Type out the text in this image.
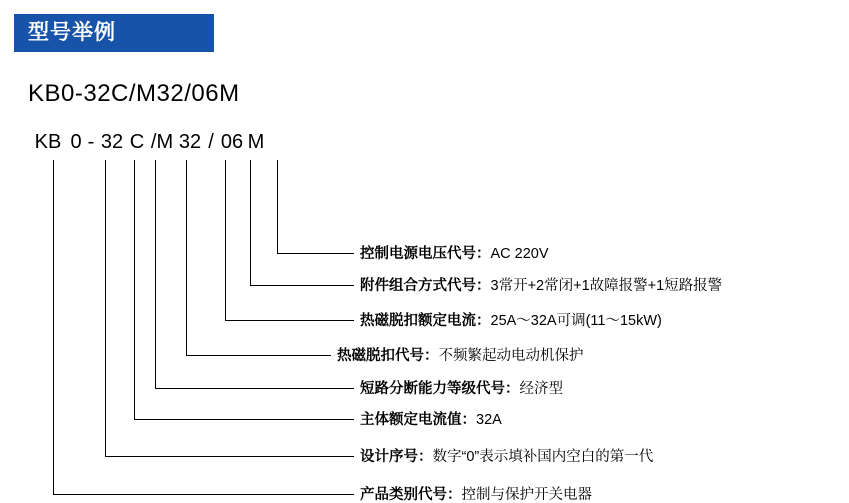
型号举例
KB0-32C/M32/06M
KB 0 - 32 C /M 32 / 06 M
控制电源电压代号：AC 220V
附件组合方式代号：3常开+2常闭+1故障报警+1短路报警
热磁脱扣额定电流：25A～32A可调(11～15kW)
热磁脱扣代号：不频繁起动电动机保护
短路分断能力等级代号：经济型
主体额定电流值：32A
设计序号：数字“0”表示填补国内空白的第一代
产品类别代号：控制与保护开关电器
